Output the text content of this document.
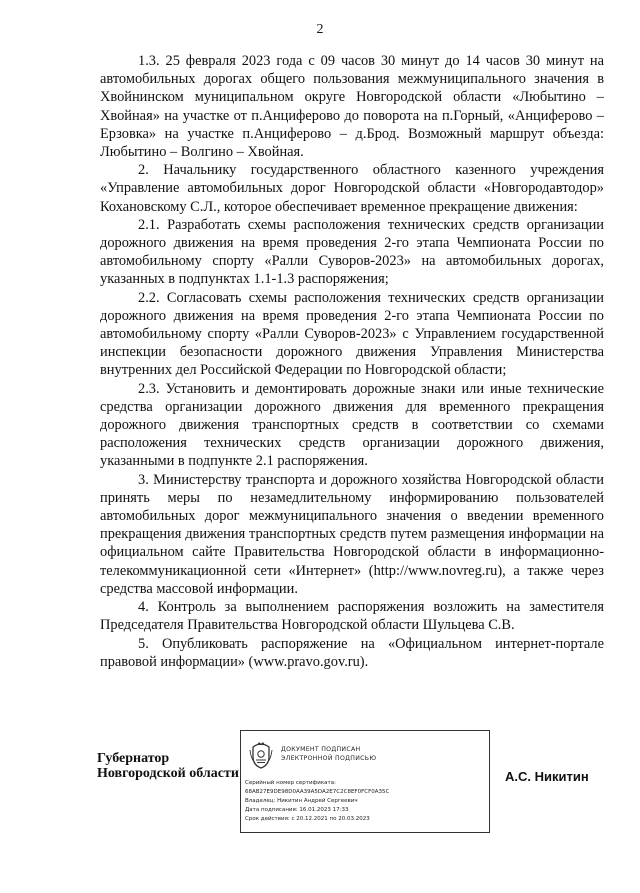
2

1.3. 25 февраля 2023 года с 09 часов 30 минут до 14 часов 30 минут на автомобильных дорогах общего пользования межмуниципального значения в Хвойнинском муниципальном округе Новгородской области «Любытино – Хвойная» на участке от п.Анциферово до поворота на п.Горный, «Анциферово – Ерзовка» на участке п.Анциферово – д.Брод. Возможный маршрут объезда: Любытино – Волгино – Хвойная.

2. Начальнику государственного областного казенного учреждения «Управление автомобильных дорог Новгородской области «Новгородавтодор» Кохановскому С.Л., которое обеспечивает временное прекращение движения:

2.1. Разработать схемы расположения технических средств организации дорожного движения на время проведения 2-го этапа Чемпионата России по автомобильному спорту «Ралли Суворов-2023» на автомобильных дорогах, указанных в подпунктах 1.1-1.3 распоряжения;

2.2. Согласовать схемы расположения технических средств организации дорожного движения на время проведения 2-го этапа Чемпионата России по автомобильному спорту «Ралли Суворов-2023» с Управлением государственной инспекции безопасности дорожного движения Управления Министерства внутренних дел Российской Федерации по Новгородской области;

2.3. Установить и демонтировать дорожные знаки или иные технические средства организации дорожного движения для временного прекращения дорожного движения транспортных средств в соответствии со схемами расположения технических средств организации дорожного движения, указанными в подпункте 2.1 распоряжения.

3. Министерству транспорта и дорожного хозяйства Новгородской области принять меры по незамедлительному информированию пользователей автомобильных дорог межмуниципального значения о введении временного прекращения движения транспортных средств путем размещения информации на официальном сайте Правительства Новгородской области в информационно-телекоммуникационной сети «Интернет» (http://www.novreg.ru), а также через средства массовой информации.

4. Контроль за выполнением распоряжения возложить на заместителя Председателя Правительства Новгородской области Шульцева С.В.

5. Опубликовать распоряжение на «Официальном интернет-портале правовой информации» (www.pravo.gov.ru).

Губернатор
Новгородской области
ДОКУМЕНТ ПОДПИСАН
ЭЛЕКТРОННОЙ ПОДПИСЬЮ
Серийный номер сертификата:
68AB27E9DE98D0AA39A5DA2E7C2C8EF0FCF0A35C
Владелец: Никитин Андрей Сергеевич
Дата подписания: 16.01.2023 17:33
Срок действия: с 20.12.2021 по 20.03.2023
А.С. Никитин
